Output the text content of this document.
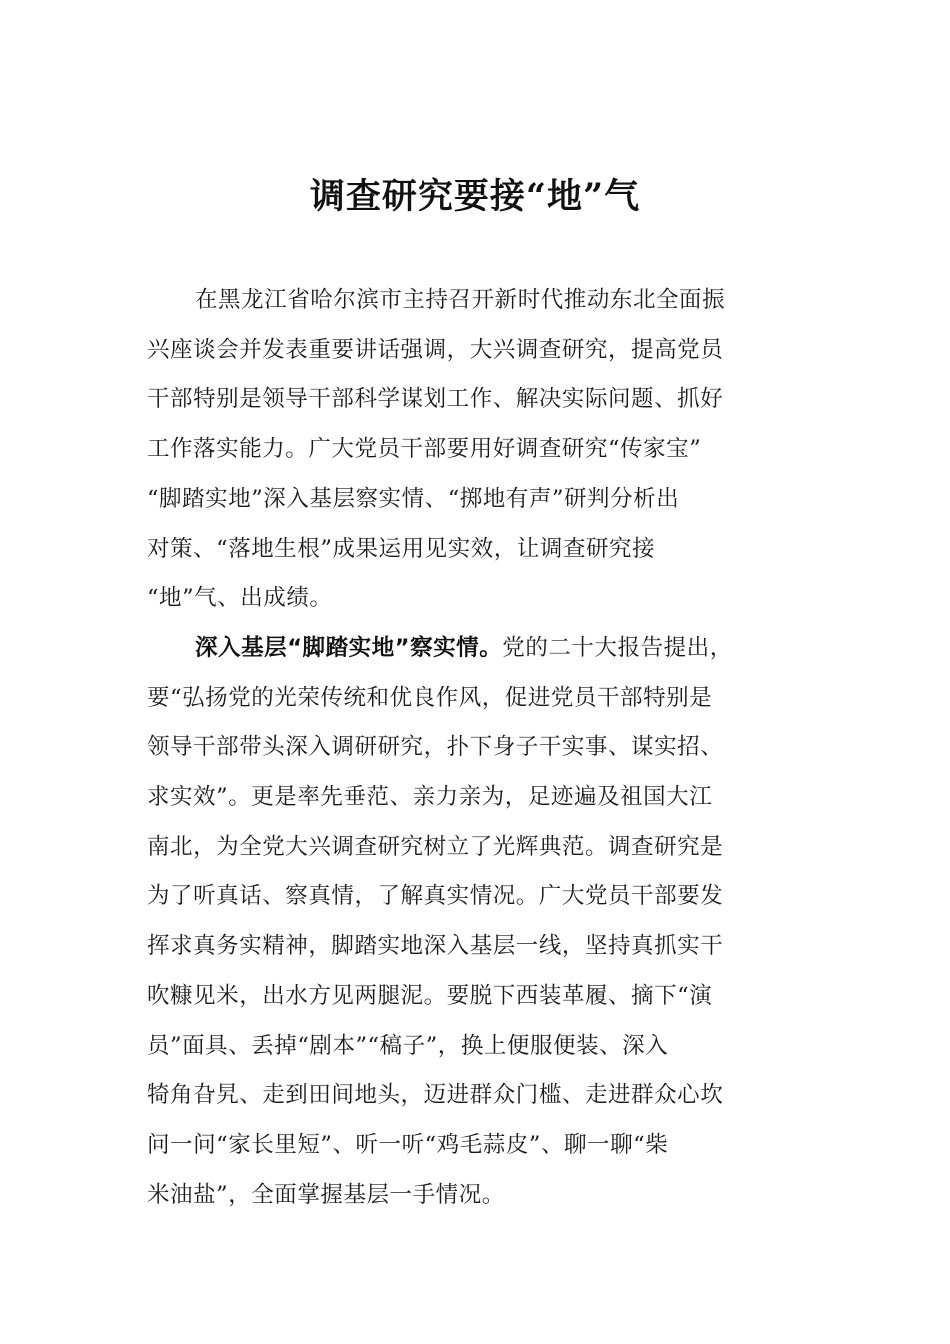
调查研究要接“地”气
在黑龙江省哈尔滨市主持召开新时代推动东北全面振
兴座谈会并发表重要讲话强调，大兴调查研究，提高党员
干部特别是领导干部科学谋划工作、解决实际问题、抓好
工作落实能力。广大党员干部要用好调查研究“传家宝”
“脚踏实地”深入基层察实情、“掷地有声”研判分析出
对策、“落地生根”成果运用见实效，让调查研究接
“地”气、出成绩。
深入基层“脚踏实地”察实情。党的二十大报告提出，
要“弘扬党的光荣传统和优良作风，促进党员干部特别是
领导干部带头深入调研研究，扑下身子干实事、谋实招、
求实效”。更是率先垂范、亲力亲为，足迹遍及祖国大江
南北，为全党大兴调查研究树立了光辉典范。调查研究是
为了听真话、察真情，了解真实情况。广大党员干部要发
挥求真务实精神，脚踏实地深入基层一线，坚持真抓实干
吹糠见米，出水方见两腿泥。要脱下西装革履、摘下“演
员”面具、丢掉“剧本”“稿子”，换上便服便装、深入
犄角旮旯、走到田间地头，迈进群众门槛、走进群众心坎
问一问“家长里短”、听一听“鸡毛蒜皮”、聊一聊“柴
米油盐”，全面掌握基层一手情况。
